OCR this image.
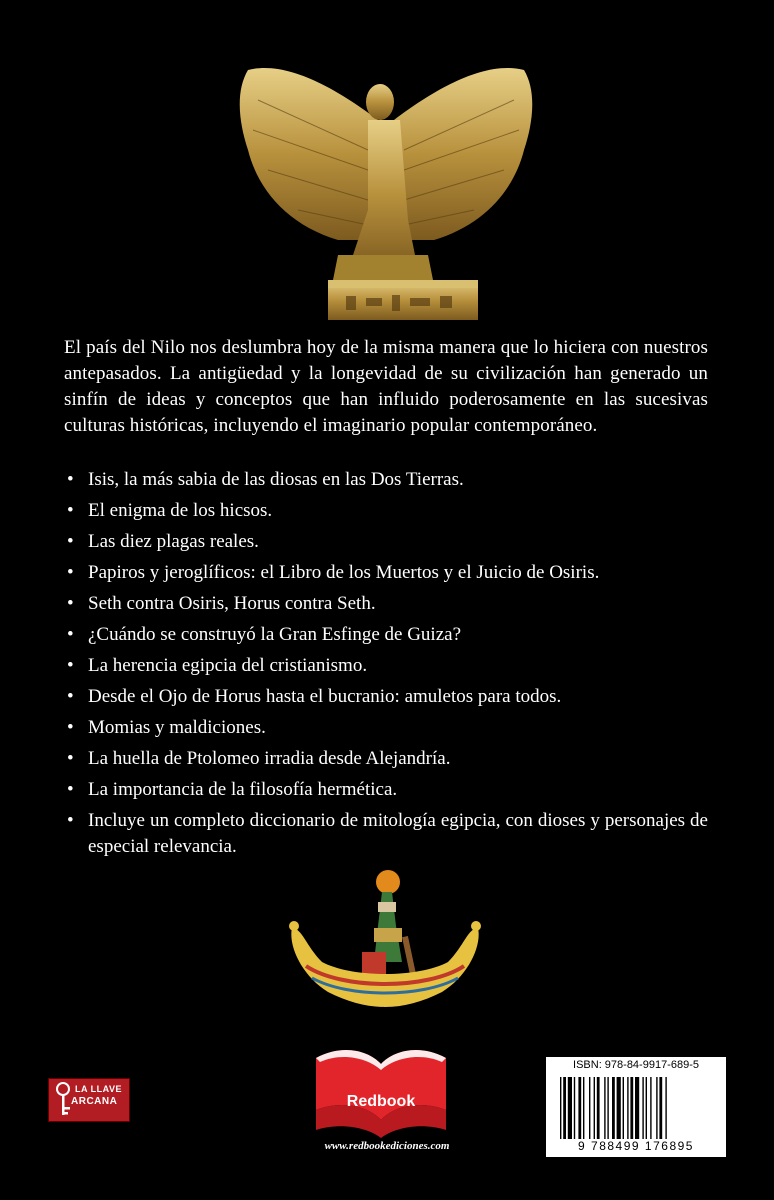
El país del Nilo nos deslumbra hoy de la misma manera que lo hiciera con nuestros antepasados. La antigüedad y la longevidad de su civilización han generado un sinfín de ideas y conceptos que han influido poderosamente en las sucesivas culturas históricas, incluyendo el imaginario popular contemporáneo.

• Isis, la más sabia de las diosas en las Dos Tierras.
• El enigma de los hicsos.
• Las diez plagas reales.
• Papiros y jeroglíficos: el Libro de los Muertos y el Juicio de Osiris.
• Seth contra Osiris, Horus contra Seth.
• ¿Cuándo se construyó la Gran Esfinge de Guiza?
• La herencia egipcia del cristianismo.
• Desde el Ojo de Horus hasta el bucranio: amuletos para todos.
• Momias y maldiciones.
• La huella de Ptolomeo irradia desde Alejandría.
• La importancia de la filosofía hermética.
• Incluye un completo diccionario de mitología egipcia, con dioses y personajes de especial relevancia.
LA LLAVE
ARCANA	Redbook
www.redbookediciones.com
ISBN: 978-84-9917-689-5
9 788499 176895
